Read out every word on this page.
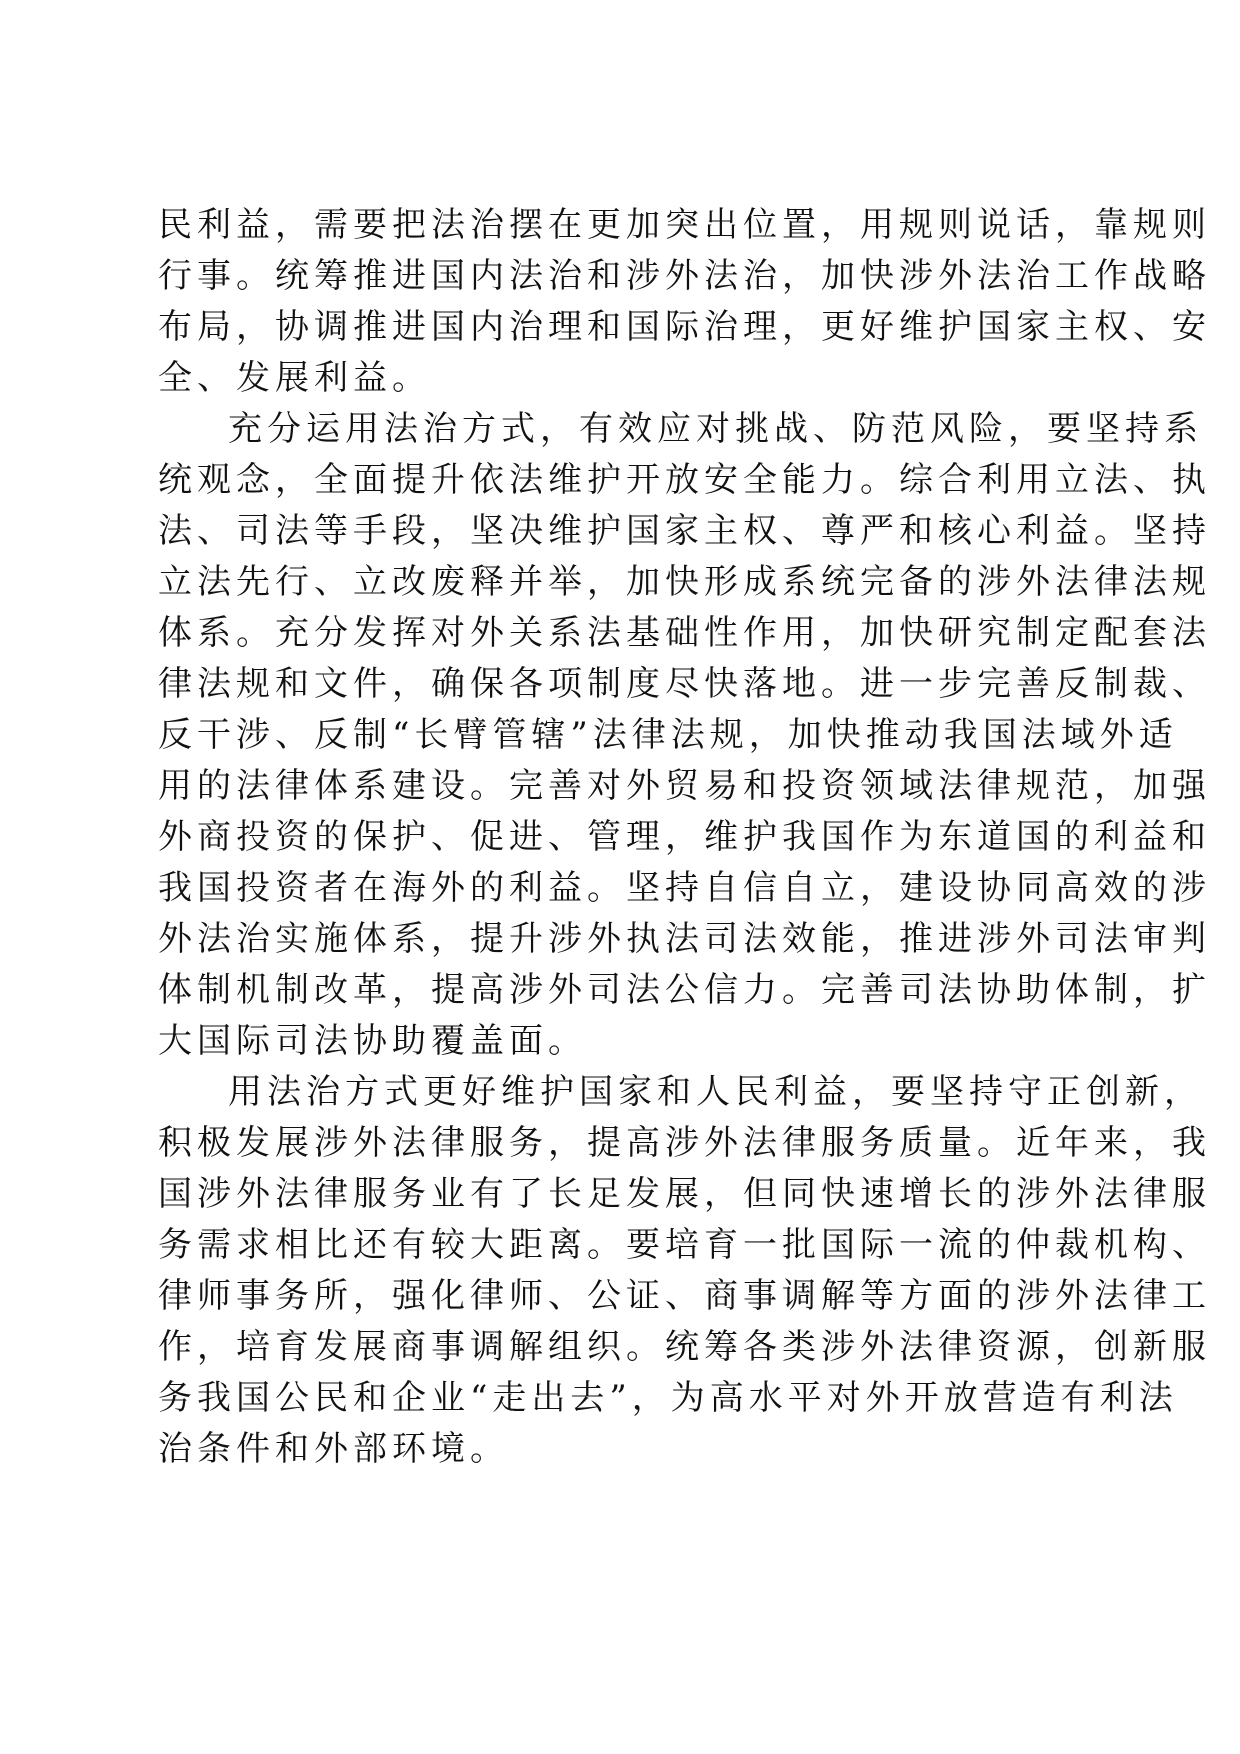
民利益，需要把法治摆在更加突出位置，用规则说话，靠规则
行事。统筹推进国内法治和涉外法治，加快涉外法治工作战略
布局，协调推进国内治理和国际治理，更好维护国家主权、安
全、发展利益。
充分运用法治方式，有效应对挑战、防范风险，要坚持系
统观念，全面提升依法维护开放安全能力。综合利用立法、执
法、司法等手段，坚决维护国家主权、尊严和核心利益。坚持
立法先行、立改废释并举，加快形成系统完备的涉外法律法规
体系。充分发挥对外关系法基础性作用，加快研究制定配套法
律法规和文件，确保各项制度尽快落地。进一步完善反制裁、
反干涉、反制“长臂管辖”法律法规，加快推动我国法域外适
用的法律体系建设。完善对外贸易和投资领域法律规范，加强
外商投资的保护、促进、管理，维护我国作为东道国的利益和
我国投资者在海外的利益。坚持自信自立，建设协同高效的涉
外法治实施体系，提升涉外执法司法效能，推进涉外司法审判
体制机制改革，提高涉外司法公信力。完善司法协助体制，扩
大国际司法协助覆盖面。
用法治方式更好维护国家和人民利益，要坚持守正创新，
积极发展涉外法律服务，提高涉外法律服务质量。近年来，我
国涉外法律服务业有了长足发展，但同快速增长的涉外法律服
务需求相比还有较大距离。要培育一批国际一流的仲裁机构、
律师事务所，强化律师、公证、商事调解等方面的涉外法律工
作，培育发展商事调解组织。统筹各类涉外法律资源，创新服
务我国公民和企业“走出去”，为高水平对外开放营造有利法
治条件和外部环境。
